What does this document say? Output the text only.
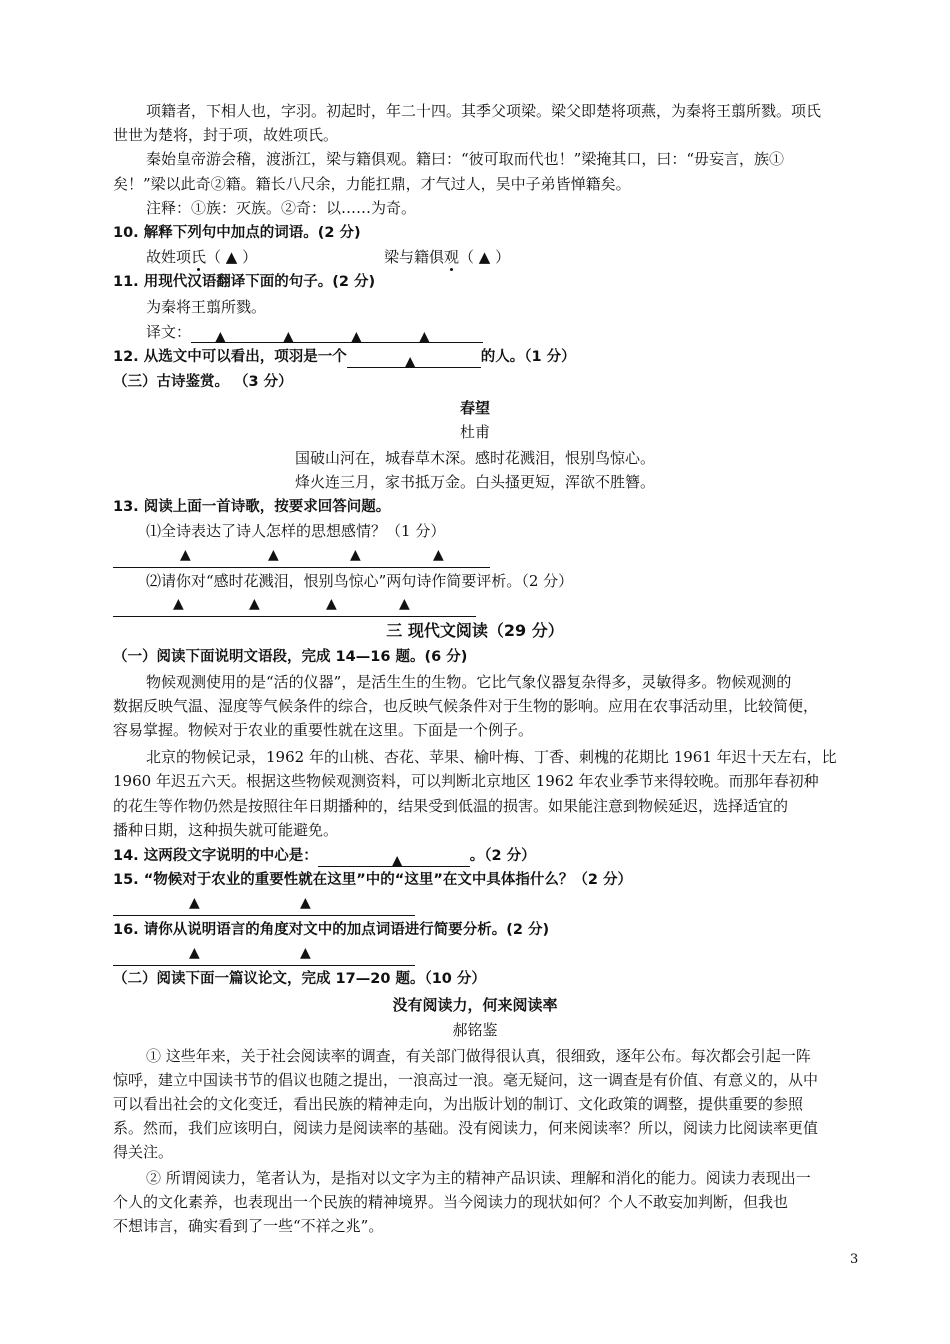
项籍者，下相人也，字羽。初起时，年二十四。其季父项梁。梁父即楚将项燕，为秦将王翦所戮。项氏
世世为楚将，封于项，故姓项氏。
秦始皇帝游会稽，渡浙江，梁与籍俱观。籍曰：“彼可取而代也！”梁掩其口，曰：“毋妄言，族①
矣！”梁以此奇②籍。籍长八尺余，力能扛鼎，才气过人，吴中子弟皆惮籍矣。
注释：①族：灭族。②奇：以……为奇。
10. 解释下列句中加点的词语。(2 分)
故姓项氏（ ▲ ）	梁与籍俱观（ ▲ ）
11. 用现代汉语翻译下面的句子。(2 分)
为秦将王翦所戮。
译文： ▲	▲	▲	▲
12. 从选文中可以看出，项羽是一个	▲	的人。（1 分）
（三）古诗鉴赏。 （3 分）
春望
杜甫
国破山河在，城春草木深。感时花溅泪，恨别鸟惊心。
烽火连三月，家书抵万金。白头搔更短，浑欲不胜簪。
13. 阅读上面一首诗歌，按要求回答问题。
⑴全诗表达了诗人怎样的思想感情？（1 分）
▲	▲	▲	▲
⑵请你对“感时花溅泪，恨别鸟惊心”两句诗作简要评析。（2 分）
▲	▲	▲	▲
三 现代文阅读（29 分）
（一）阅读下面说明文语段，完成 14—16 题。(6 分)
物候观测使用的是“活的仪器”，是活生生的生物。它比气象仪器复杂得多，灵敏得多。物候观测的
数据反映气温、湿度等气候条件的综合，也反映气候条件对于生物的影响。应用在农事活动里，比较简便，
容易掌握。物候对于农业的重要性就在这里。下面是一个例子。
北京的物候记录，1962 年的山桃、杏花、苹果、榆叶梅、丁香、刺槐的花期比 1961 年迟十天左右，比
1960 年迟五六天。根据这些物候观测资料，可以判断北京地区 1962 年农业季节来得较晚。而那年春初种
的花生等作物仍然是按照往年日期播种的，结果受到低温的损害。如果能注意到物候延迟，选择适宜的
播种日期，这种损失就可能避免。
14. 这两段文字说明的中心是：	▲	。（2 分）
15. “物候对于农业的重要性就在这里”中的“这里”在文中具体指什么？（2 分）
▲	▲
16. 请你从说明语言的角度对文中的加点词语进行简要分析。(2 分)
▲	▲
（二）阅读下面一篇议论文，完成 17—20 题。（10 分）
没有阅读力，何来阅读率
郝铭鉴
① 这些年来，关于社会阅读率的调查，有关部门做得很认真，很细致，逐年公布。每次都会引起一阵
惊呼，建立中国读书节的倡议也随之提出，一浪高过一浪。毫无疑问，这一调查是有价值、有意义的，从中
可以看出社会的文化变迁，看出民族的精神走向，为出版计划的制订、文化政策的调整，提供重要的参照
系。然而，我们应该明白，阅读力是阅读率的基础。没有阅读力，何来阅读率？所以，阅读力比阅读率更值
得关注。
② 所谓阅读力，笔者认为，是指对以文字为主的精神产品识读、理解和消化的能力。阅读力表现出一
个人的文化素养，也表现出一个民族的精神境界。当今阅读力的现状如何？个人不敢妄加判断，但我也
不想讳言，确实看到了一些“不祥之兆”。
3
